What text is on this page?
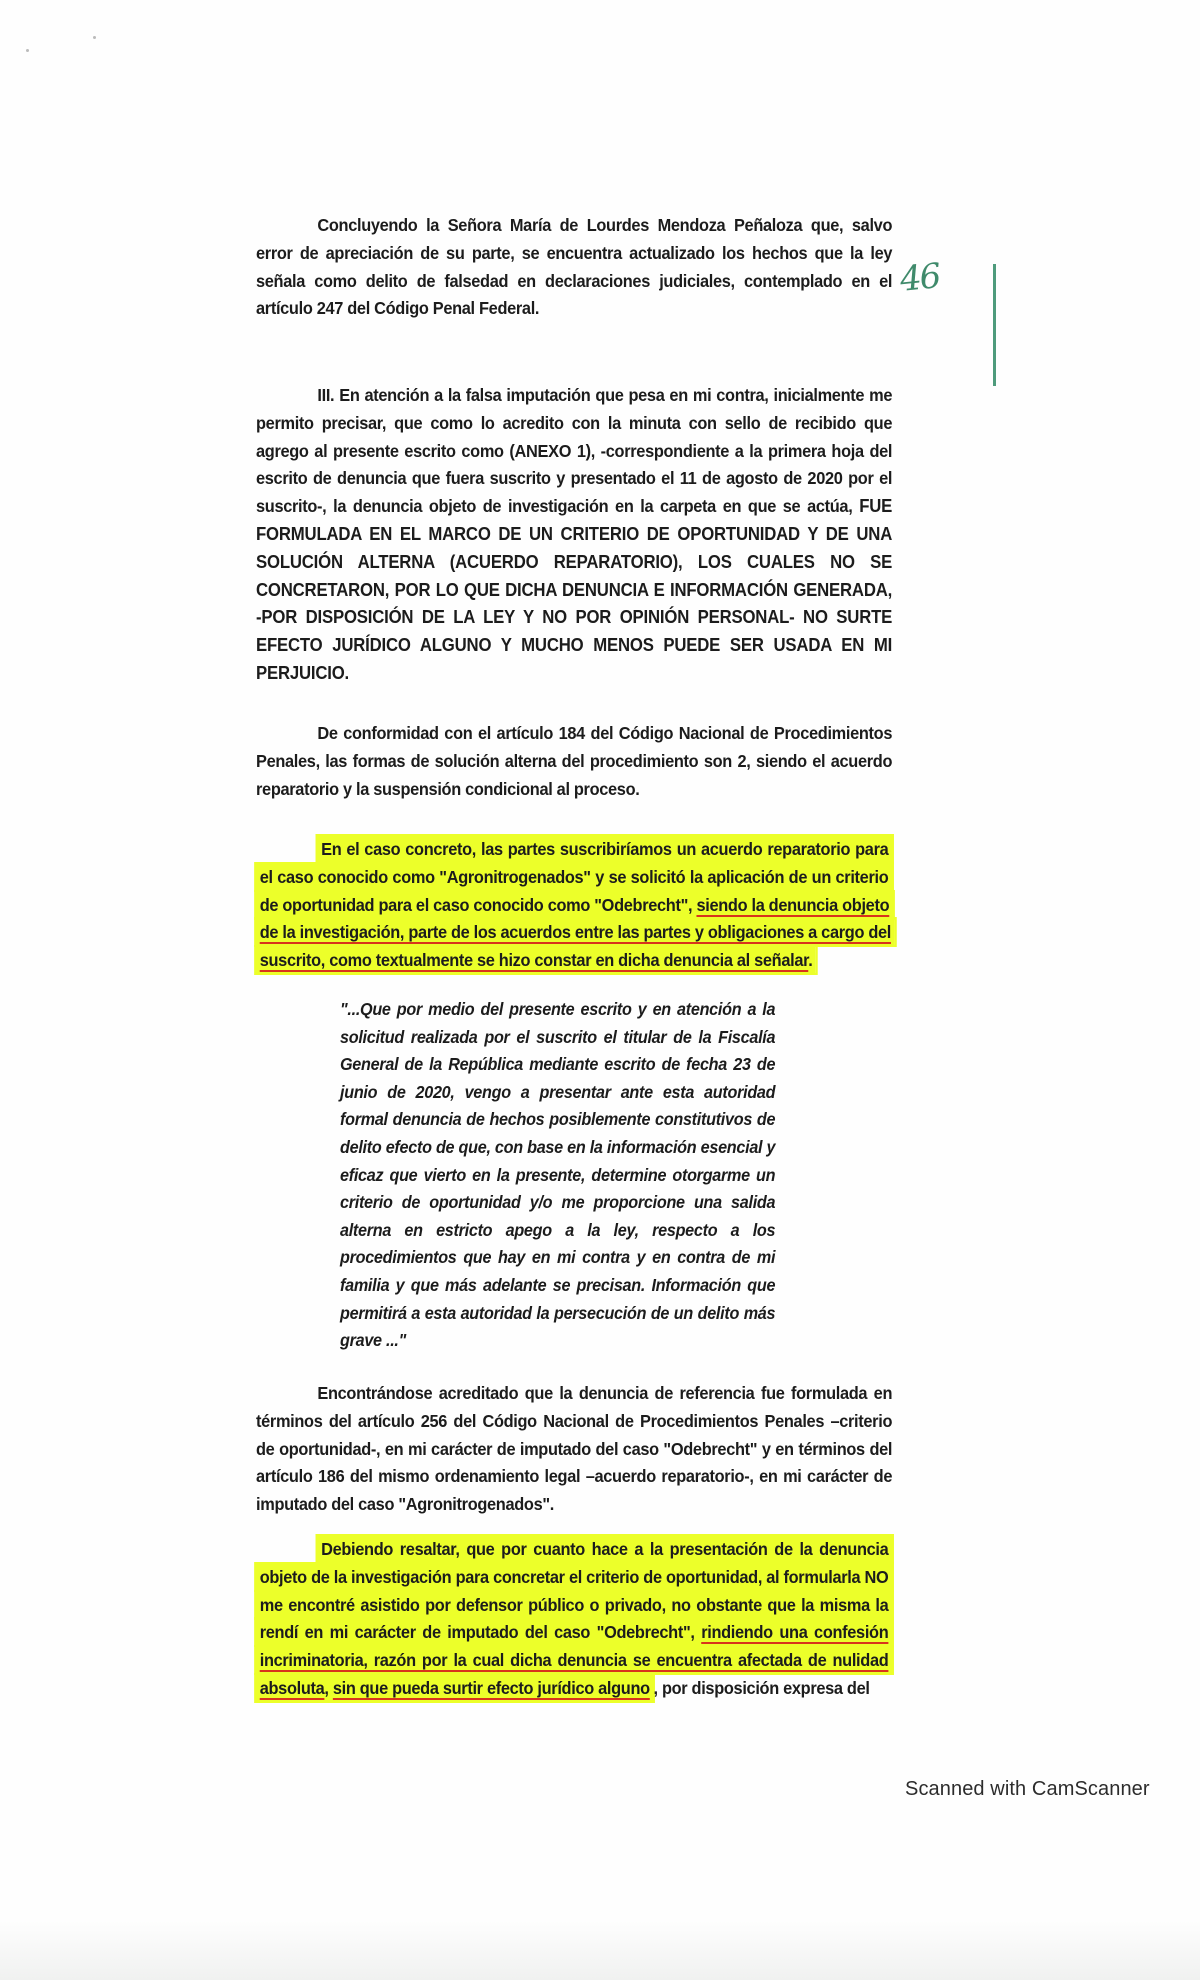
Concluyendo la Señora María de Lourdes Mendoza Peñaloza que, salvo error de apreciación de su parte, se encuentra actualizado los hechos que la ley señala como delito de falsedad en declaraciones judiciales, contemplado en el artículo 247 del Código Penal Federal.
46
III. En atención a la falsa imputación que pesa en mi contra, inicialmente me permito precisar, que como lo acredito con la minuta con sello de recibido que agrego al presente escrito como (ANEXO 1), -correspondiente a la primera hoja del escrito de denuncia que fuera suscrito y presentado el 11 de agosto de 2020 por el suscrito-, la denuncia objeto de investigación en la carpeta en que se actúa, FUE FORMULADA EN EL MARCO DE UN CRITERIO DE OPORTUNIDAD Y DE UNA SOLUCIÓN ALTERNA (ACUERDO REPARATORIO), LOS CUALES NO SE CONCRETARON, POR LO QUE DICHA DENUNCIA E INFORMACIÓN GENERADA, -POR DISPOSICIÓN DE LA LEY Y NO POR OPINIÓN PERSONAL- NO SURTE EFECTO JURÍDICO ALGUNO Y MUCHO MENOS PUEDE SER USADA EN MI PERJUICIO.
De conformidad con el artículo 184 del Código Nacional de Procedimientos Penales, las formas de solución alterna del procedimiento son 2, siendo el acuerdo reparatorio y la suspensión condicional al proceso.
En el caso concreto, las partes suscribiríamos un acuerdo reparatorio para el caso conocido como "Agronitrogenados" y se solicitó la aplicación de un criterio de oportunidad para el caso conocido como "Odebrecht", siendo la denuncia objeto de la investigación, parte de los acuerdos entre las partes y obligaciones a cargo del suscrito, como textualmente se hizo constar en dicha denuncia al señalar.
"...Que por medio del presente escrito y en atención a la solicitud realizada por el suscrito el titular de la Fiscalía General de la República mediante escrito de fecha 23 de junio de 2020, vengo a presentar ante esta autoridad formal denuncia de hechos posiblemente constitutivos de delito efecto de que, con base en la información esencial y eficaz que vierto en la presente, determine otorgarme un criterio de oportunidad y/o me proporcione una salida alterna en estricto apego a la ley, respecto a los procedimientos que hay en mi contra y en contra de mi familia y que más adelante se precisan. Información que permitirá a esta autoridad la persecución de un delito más grave ..."
Encontrándose acreditado que la denuncia de referencia fue formulada en términos del artículo 256 del Código Nacional de Procedimientos Penales –criterio de oportunidad-, en mi carácter de imputado del caso "Odebrecht" y en términos del artículo 186 del mismo ordenamiento legal –acuerdo reparatorio-, en mi carácter de imputado del caso "Agronitrogenados".
Debiendo resaltar, que por cuanto hace a la presentación de la denuncia objeto de la investigación para concretar el criterio de oportunidad, al formularla NO me encontré asistido por defensor público o privado, no obstante que la misma la rendí en mi carácter de imputado del caso "Odebrecht", rindiendo una confesión incriminatoria, razón por la cual dicha denuncia se encuentra afectada de nulidad absoluta, sin que pueda surtir efecto jurídico alguno , por disposición expresa del
Scanned with CamScanner
